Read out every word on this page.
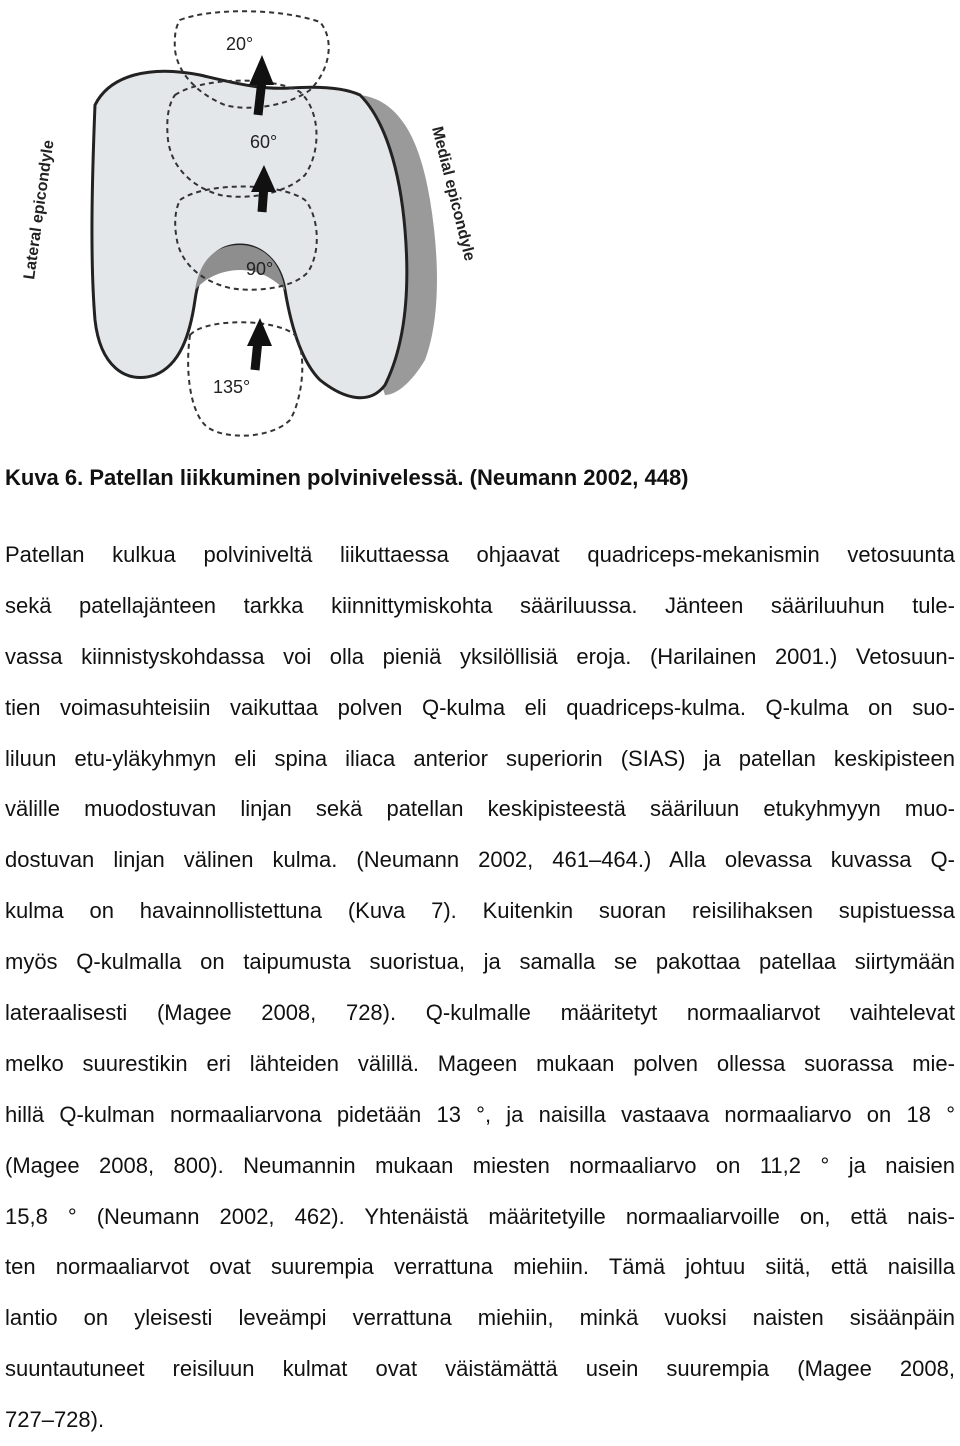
20°
60°
90°
135°
Lateral epicondyle	Medial epicondyle
Kuva 6. Patellan liikkuminen polvinivelessä. (Neumann 2002, 448)
Patellan kulkua polviniveltä liikuttaessa ohjaavat quadriceps-mekanismin vetosuunta
sekä patellajänteen tarkka kiinnittymiskohta sääriluussa. Jänteen sääriluuhun tule-
vassa kiinnistyskohdassa voi olla pieniä yksilöllisiä eroja. (Harilainen 2001.) Vetosuun-
tien voimasuhteisiin vaikuttaa polven Q-kulma eli quadriceps-kulma. Q-kulma on suo-
liluun etu-yläkyhmyn eli spina iliaca anterior superiorin (SIAS) ja patellan keskipisteen
välille muodostuvan linjan sekä patellan keskipisteestä sääriluun etukyhmyyn muo-
dostuvan linjan välinen kulma. (Neumann 2002, 461–464.) Alla olevassa kuvassa Q-
kulma on havainnollistettuna (Kuva 7). Kuitenkin suoran reisilihaksen supistuessa
myös Q-kulmalla on taipumusta suoristua, ja samalla se pakottaa patellaa siirtymään
lateraalisesti (Magee 2008, 728). Q-kulmalle määritetyt normaaliarvot vaihtelevat
melko suurestikin eri lähteiden välillä. Mageen mukaan polven ollessa suorassa mie-
hillä Q-kulman normaaliarvona pidetään 13 °, ja naisilla vastaava normaaliarvo on 18 °
(Magee 2008, 800). Neumannin mukaan miesten normaaliarvo on 11,2 ° ja naisien
15,8 ° (Neumann 2002, 462). Yhtenäistä määritetyille normaaliarvoille on, että nais-
ten normaaliarvot ovat suurempia verrattuna miehiin. Tämä johtuu siitä, että naisilla
lantio on yleisesti leveämpi verrattuna miehiin, minkä vuoksi naisten sisäänpäin
suuntautuneet reisiluun kulmat ovat väistämättä usein suurempia (Magee 2008,
727–728).
